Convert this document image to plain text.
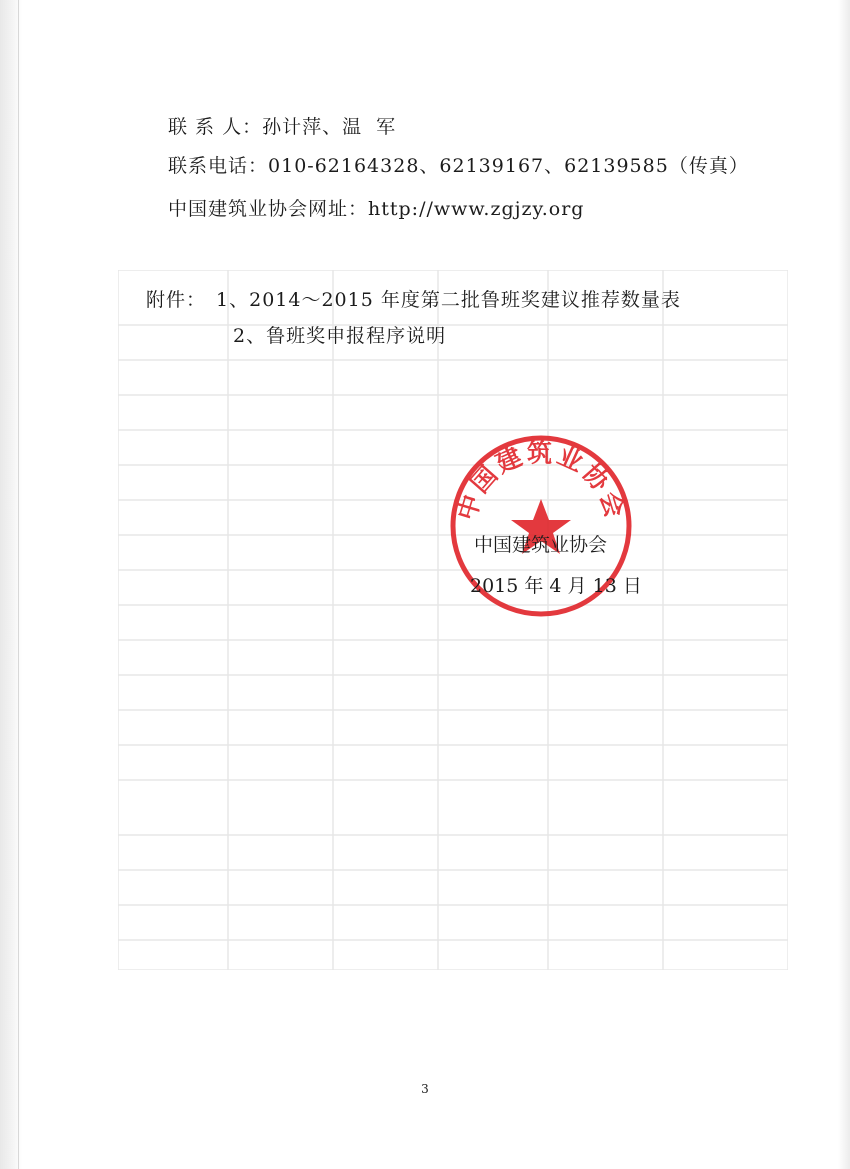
联 系 人：孙计萍、温  军
联系电话：010-62164328、62139167、62139585（传真）
中国建筑业协会网址：http://www.zgjzy.org
附件： 1、2014～2015 年度第二批鲁班奖建议推荐数量表
2、鲁班奖申报程序说明
中国建筑业协会
中国建筑业协会
2015 年 4 月 13 日
3
